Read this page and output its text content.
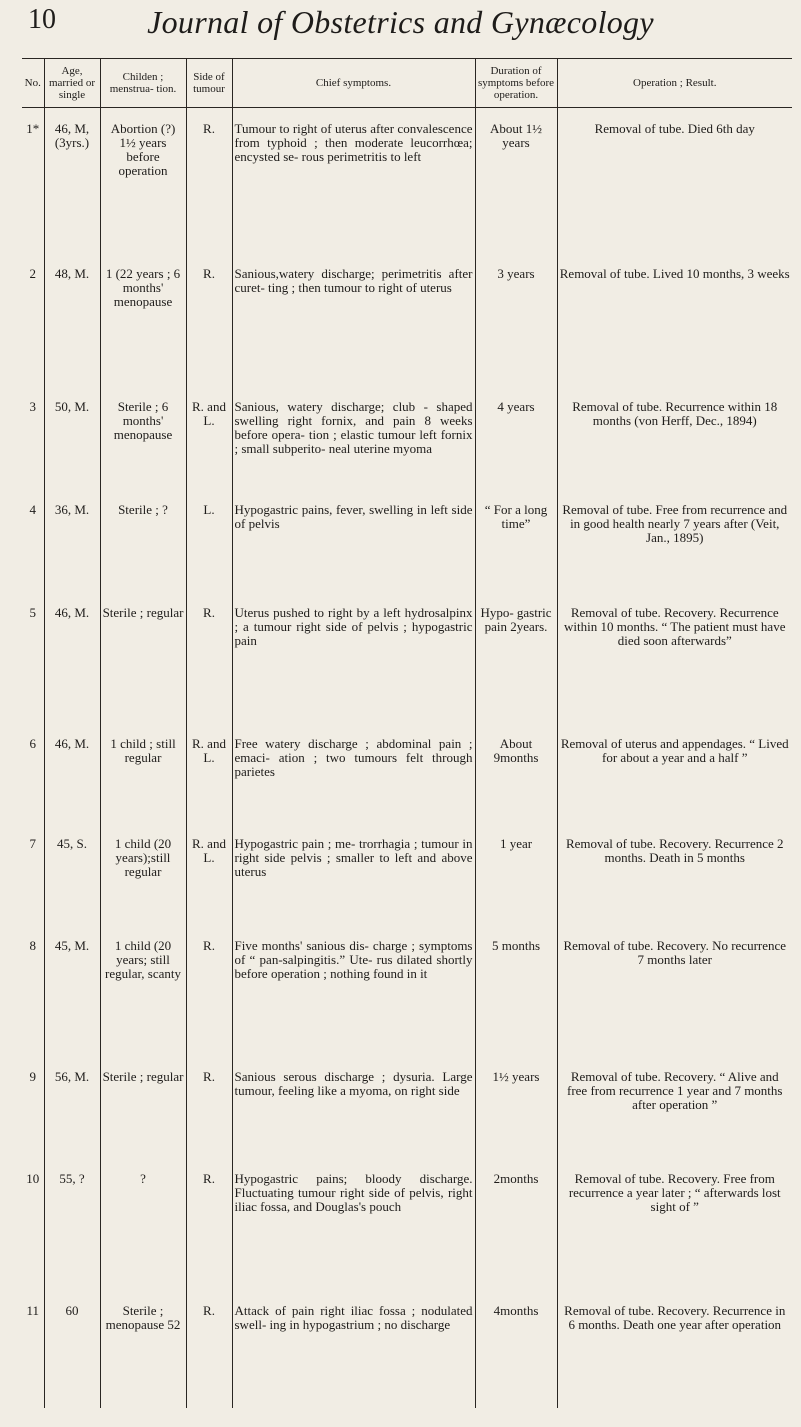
10	Journal of Obstetrics and Gynæcology
No.	Age, married or single	Childen ; menstrua- tion.	Side of tumour	Chief symptoms.	Duration of symptoms before operation.	Operation ; Result.
1*	46, M, (3yrs.)	Abortion (?) 1½ years before operation	R.	Tumour to right of uterus after convalescence from typhoid ; then moderate leucorrhœa; encysted se- rous perimetritis to left	About 1½ years	Removal of tube. Died 6th day
2	48, M.	1 (22 years ; 6 months' menopause	R.	Sanious,watery discharge; perimetritis after curet- ting ; then tumour to right of uterus	3 years	Removal of tube. Lived 10 months, 3 weeks
3	50, M.	Sterile ; 6 months' menopause	R. and L.	Sanious, watery discharge; club - shaped swelling right fornix, and pain 8 weeks before opera- tion ; elastic tumour left fornix ; small subperito- neal uterine myoma	4 years	Removal of tube. Recurrence within 18 months (von Herff, Dec., 1894)
4	36, M.	Sterile ; ?	L.	Hypogastric pains, fever, swelling in left side of pelvis	“ For a long time”	Removal of tube. Free from recurrence and in good health nearly 7 years after (Veit, Jan., 1895)
5	46, M.	Sterile ; regular	R.	Uterus pushed to right by a left hydrosalpinx ; a tumour right side of pelvis ; hypogastric pain	Hypo- gastric pain 2years.	Removal of tube. Recovery. Recurrence within 10 months. “ The patient must have died soon afterwards”
6	46, M.	1 child ; still regular	R. and L.	Free watery discharge ; abdominal pain ; emaci- ation ; two tumours felt through parietes	About 9months	Removal of uterus and appendages. “ Lived for about a year and a half ”
7	45, S.	1 child (20 years);still regular	R. and L.	Hypogastric pain ; me- trorrhagia ; tumour in right side pelvis ; smaller to left and above uterus	1 year	Removal of tube. Recovery. Recurrence 2 months. Death in 5 months
8	45, M.	1 child (20 years; still regular, scanty	R.	Five months' sanious dis- charge ; symptoms of “ pan-salpingitis.” Ute- rus dilated shortly before operation ; nothing found in it	5 months	Removal of tube. Recovery. No recurrence 7 months later
9	56, M.	Sterile ; regular	R.	Sanious serous discharge ; dysuria. Large tumour, feeling like a myoma, on right side	1½ years	Removal of tube. Recovery. “ Alive and free from recurrence 1 year and 7 months after operation ”
10	55, ?	?	R.	Hypogastric pains; bloody discharge. Fluctuating tumour right side of pelvis, right iliac fossa, and Douglas's pouch	2months	Removal of tube. Recovery. Free from recurrence a year later ; “ afterwards lost sight of ”
11	60	Sterile ; menopause 52	R.	Attack of pain right iliac fossa ; nodulated swell- ing in hypogastrium ; no discharge	4months	Removal of tube. Recovery. Recurrence in 6 months. Death one year after operation
